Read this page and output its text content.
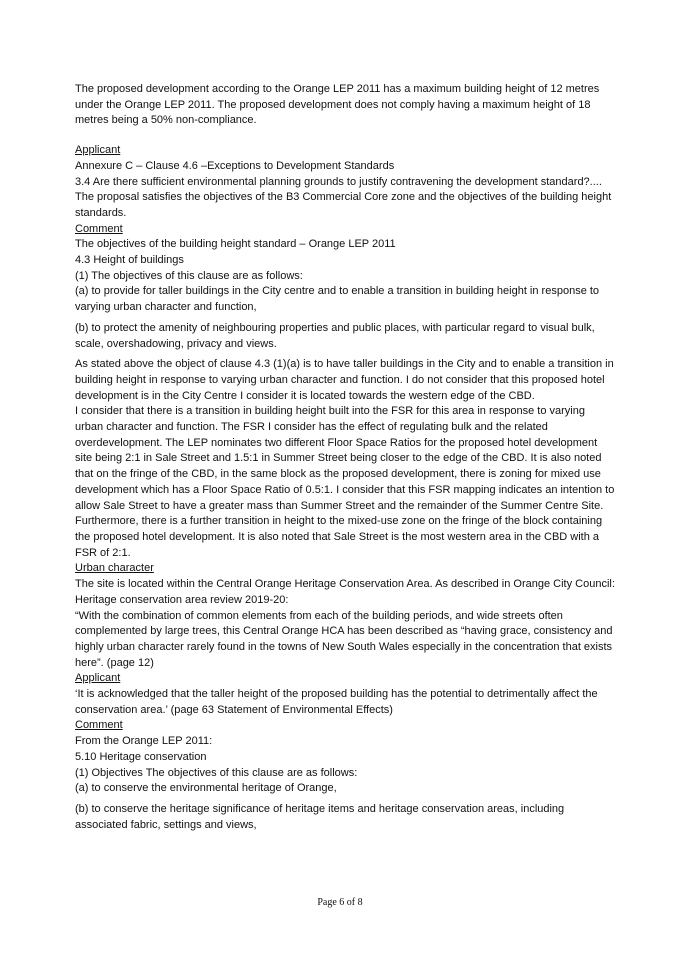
The proposed development according to the Orange LEP 2011 has a maximum building height of 12 metres under the Orange LEP 2011. The proposed development does not comply having a maximum height of 18 metres being a 50% non-compliance.

Applicant

Annexure C – Clause 4.6 –Exceptions to Development Standards

3.4 Are there sufficient environmental planning grounds to justify contravening the development standard?....

The proposal satisfies the objectives of the B3 Commercial Core zone and the objectives of the building height standards.

Comment

The objectives of the building height standard – Orange LEP 2011

4.3 Height of buildings

(1) The objectives of this clause are as follows:

(a) to provide for taller buildings in the City centre and to enable a transition in building height in response to varying urban character and function,

(b) to protect the amenity of neighbouring properties and public places, with particular regard to visual bulk, scale, overshadowing, privacy and views.

As stated above the object of clause 4.3 (1)(a) is to have taller buildings in the City and to enable a transition in building height in response to varying urban character and function. I do not consider that this proposed hotel development is in the City Centre I consider it is located towards the western edge of the CBD.

I consider that there is a transition in building height built into the FSR for this area in response to varying urban character and function. The FSR I consider has the effect of regulating bulk and the related overdevelopment. The LEP nominates two different Floor Space Ratios for the proposed hotel development site being 2:1 in Sale Street and 1.5:1 in Summer Street being closer to the edge of the CBD. It is also noted that on the fringe of the CBD, in the same block as the proposed development, there is zoning for mixed use development which has a Floor Space Ratio of 0.5:1. I consider that this FSR mapping indicates an intention to allow Sale Street to have a greater mass than Summer Street and the remainder of the Summer Centre Site. Furthermore, there is a further transition in height to the mixed-use zone on the fringe of the block containing the proposed hotel development. It is also noted that Sale Street is the most western area in the CBD with a FSR of 2:1.

Urban character

The site is located within the Central Orange Heritage Conservation Area. As described in Orange City Council: Heritage conservation area review 2019-20:

“With the combination of common elements from each of the building periods, and wide streets often complemented by large trees, this Central Orange HCA has been described as “having grace, consistency and highly urban character rarely found in the towns of New South Wales especially in the concentration that exists here”. (page 12)

Applicant

‘It is acknowledged that the taller height of the proposed building has the potential to detrimentally affect the conservation area.’ (page 63 Statement of Environmental Effects)

Comment

From the Orange LEP 2011:

5.10 Heritage conservation

(1) Objectives The objectives of this clause are as follows:

(a) to conserve the environmental heritage of Orange,

(b) to conserve the heritage significance of heritage items and heritage conservation areas, including associated fabric, settings and views,

Page 6 of 8
